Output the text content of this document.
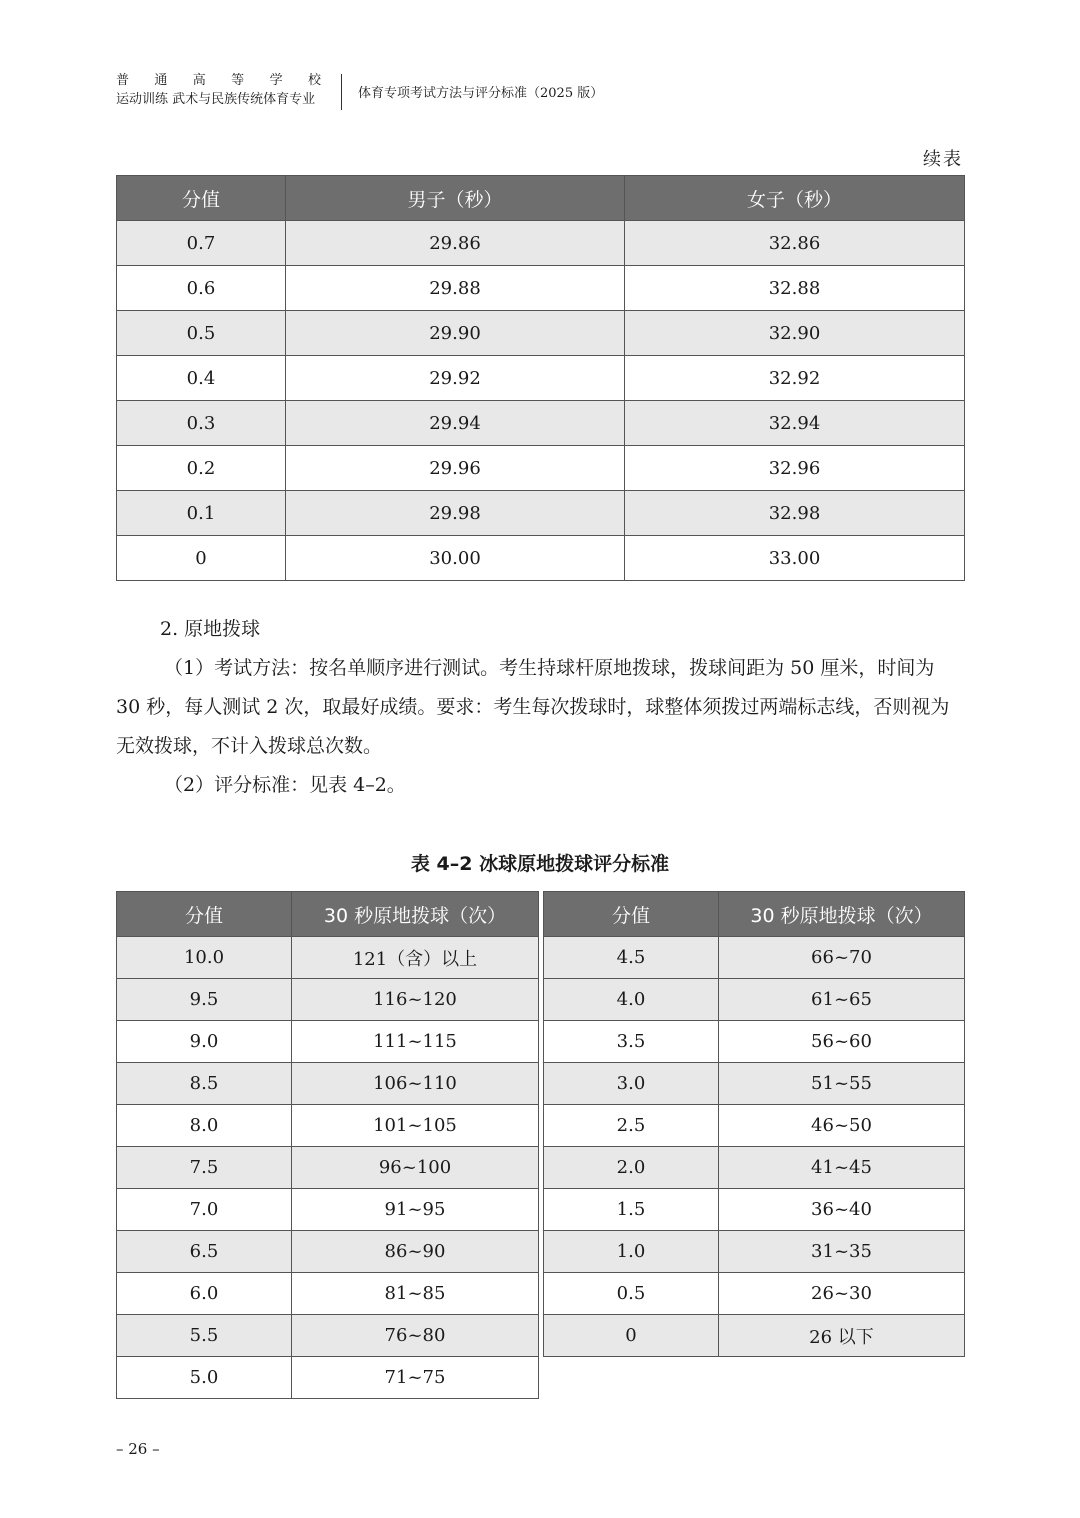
普 通 高 等 学 校
运动训练 武术与民族传统体育专业	体育专项考试方法与评分标准（2025 版）
续表
分值	男子（秒）	女子（秒）
0.7	29.86	32.86
0.6	29.88	32.88
0.5	29.90	32.90
0.4	29.92	32.92
0.3	29.94	32.94
0.2	29.96	32.96
0.1	29.98	32.98
0	30.00	33.00
2. 原地拨球
（1）考试方法：按名单顺序进行测试。考生持球杆原地拨球，拨球间距为 50 厘米，时间为 30 秒，每人测试 2 次，取最好成绩。要求：考生每次拨球时，球整体须拨过两端标志线，否则视为无效拨球，不计入拨球总次数。
（2）评分标准：见表 4–2。
表 4–2 冰球原地拨球评分标准
分值	30 秒原地拨球（次）
10.0	121（含）以上
9.5	116~120
9.0	111~115
8.5	106~110
8.0	101~105
7.5	96~100
7.0	91~95
6.5	86~90
6.0	81~85
5.5	76~80
5.0	71~75
分值	30 秒原地拨球（次）
4.5	66~70
4.0	61~65
3.5	56~60
3.0	51~55
2.5	46~50
2.0	41~45
1.5	36~40
1.0	31~35
0.5	26~30
0	26 以下
– 26 –
